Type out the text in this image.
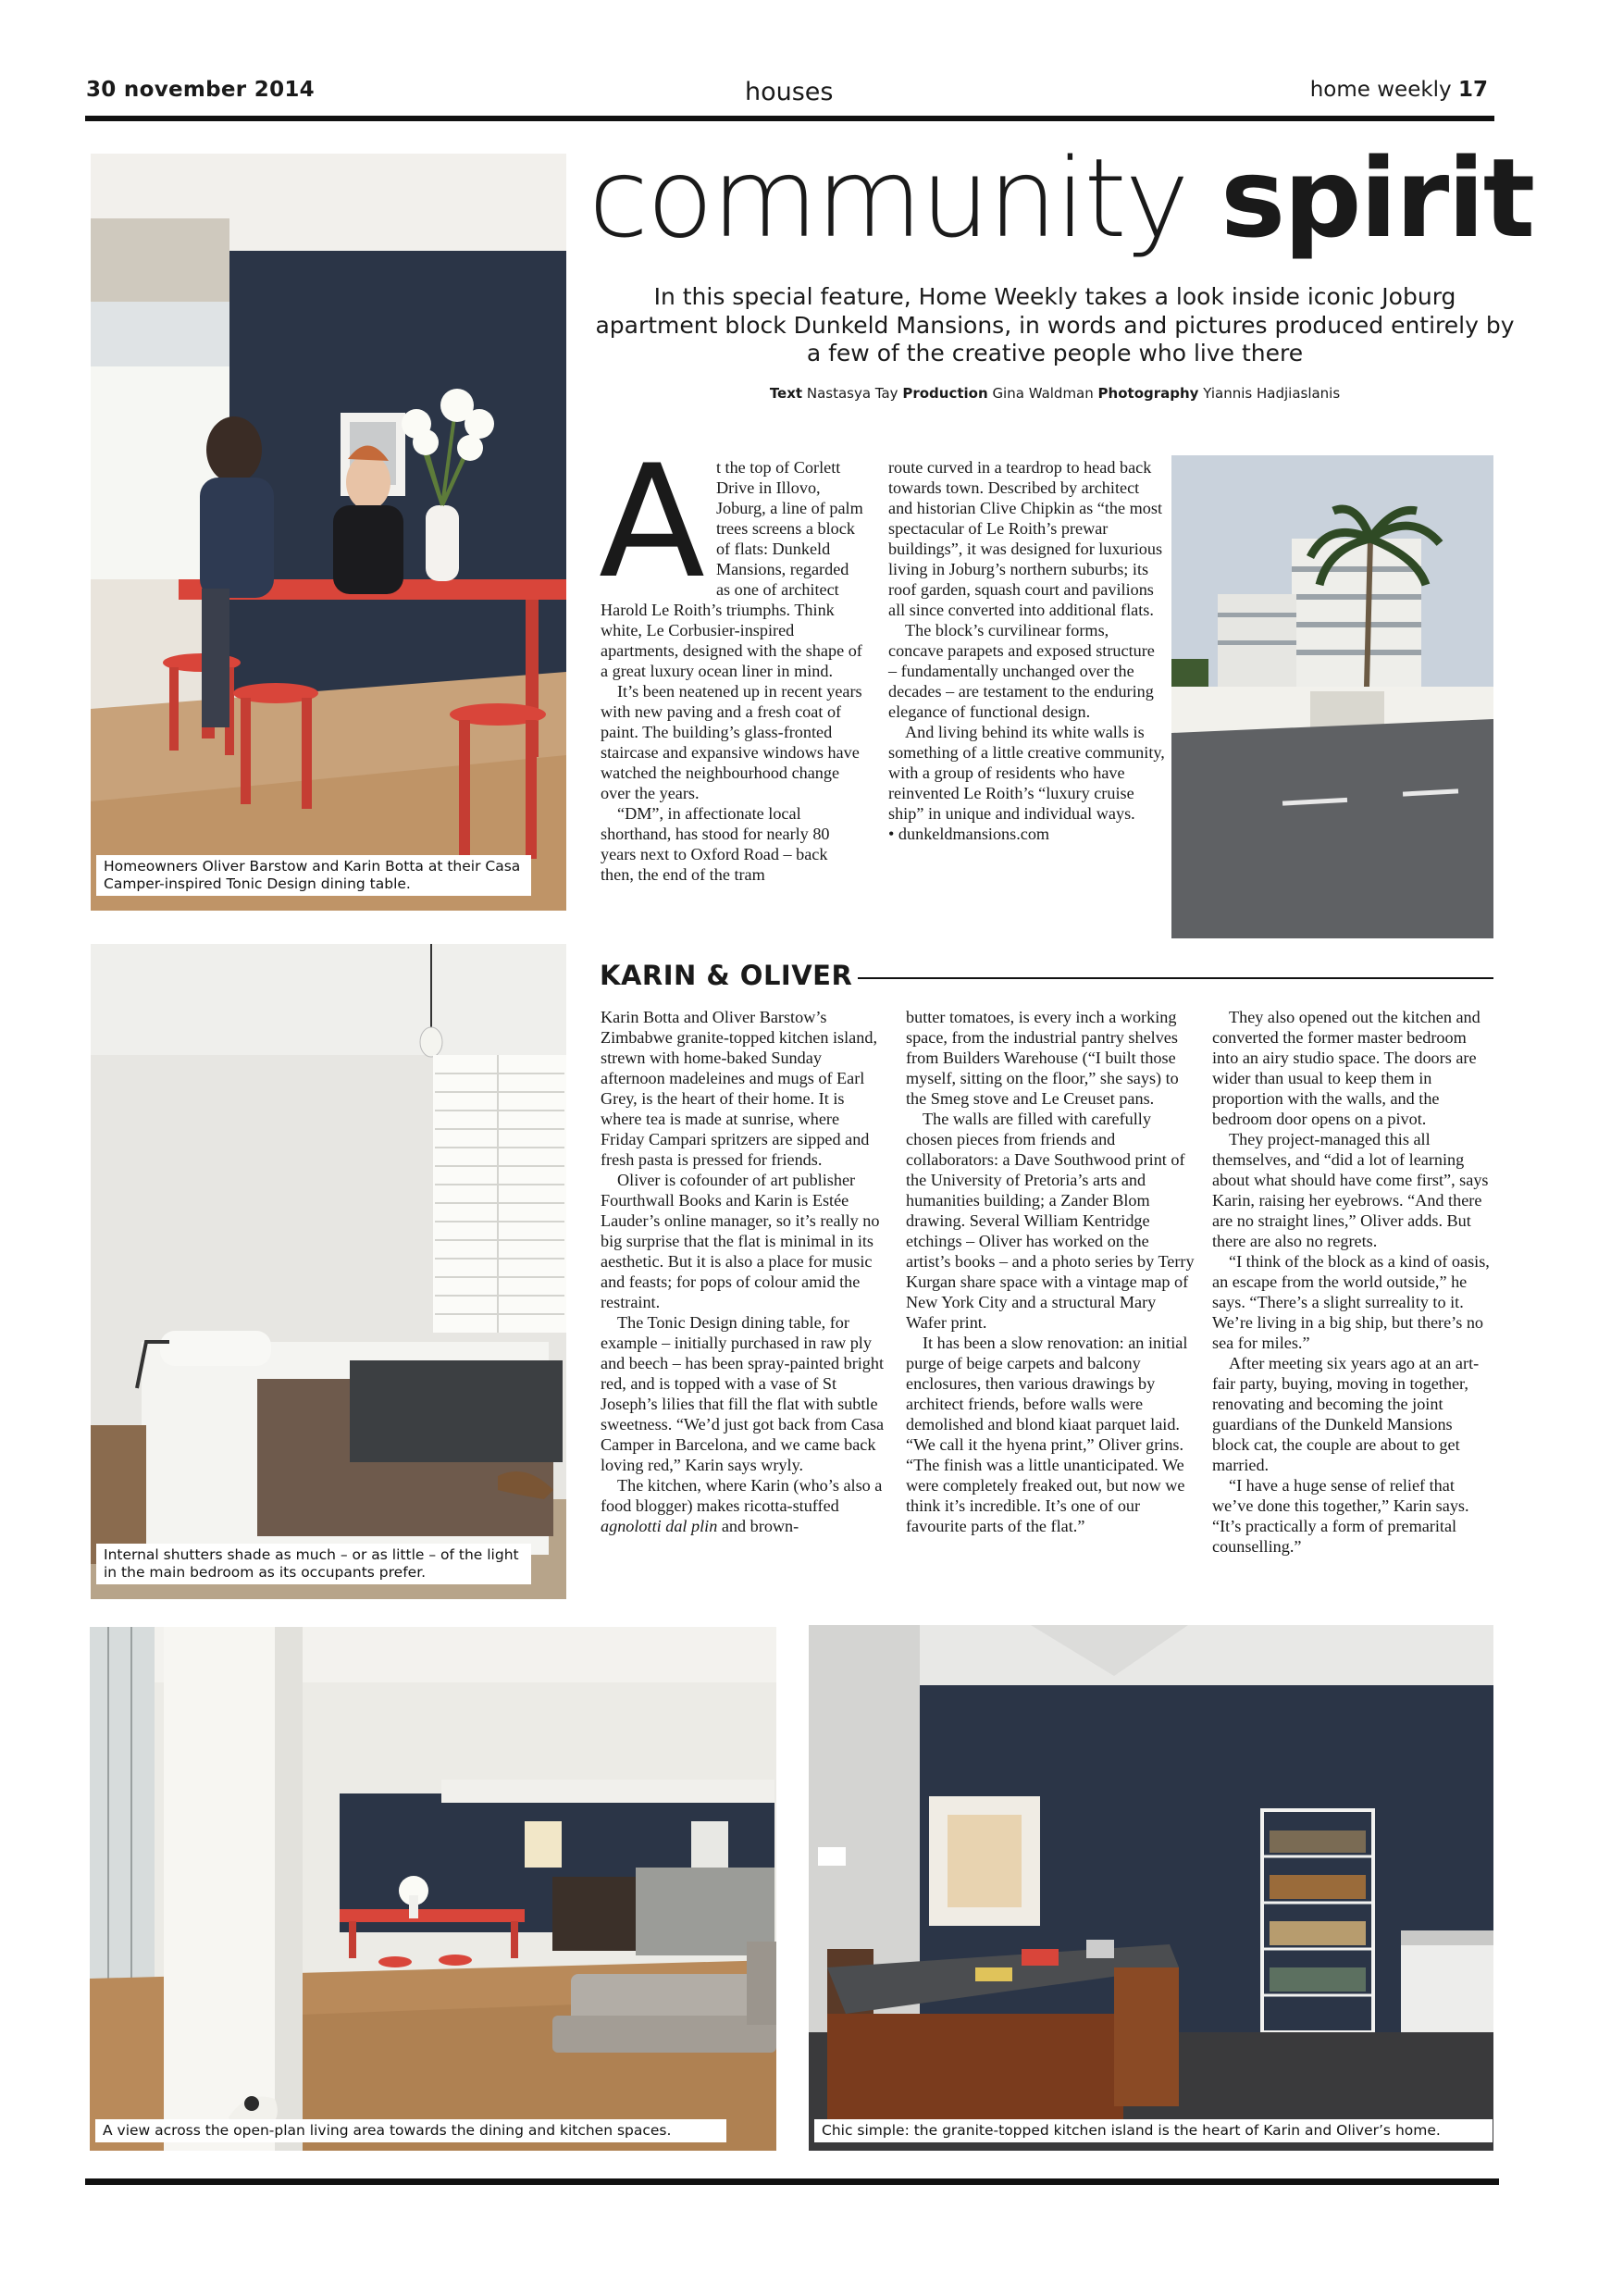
30 november 2014	houses	home weekly 17
Homeowners Oliver Barstow and Karin Botta at their Casa Camper-inspired Tonic Design dining table.
community spirit
In this special feature, Home Weekly takes a look inside iconic Joburg apartment block Dunkeld Mansions, in words and pictures produced entirely by a few of the creative people who live there
Text Nastasya Tay Production Gina Waldman Photography Yiannis Hadjiaslanis
A t the top of Corlett Drive in Illovo, Joburg, a line of palm trees screens a block of flats: Dunkeld Mansions, regarded as one of architect Harold Le Roith’s triumphs. Think white, Le Corbusier-inspired apartments, designed with the shape of a great luxury ocean liner in mind.

It’s been neatened up in recent years with new paving and a fresh coat of paint. The building’s glass-fronted staircase and expansive windows have watched the neighbourhood change over the years.

“DM”, in affectionate local shorthand, has stood for nearly 80 years next to Oxford Road – back then, the end of the tram

route curved in a teardrop to head back towards town. Described by architect and historian Clive Chipkin as “the most spectacular of Le Roith’s prewar buildings”, it was designed for luxurious living in Joburg’s northern suburbs; its roof garden, squash court and pavilions all since converted into additional flats.

The block’s curvilinear forms, concave parapets and exposed structure – fundamentally unchanged over the decades – are testament to the enduring elegance of functional design.

And living behind its white walls is something of a little creative community, with a group of residents who have reinvented Le Roith’s “luxury cruise ship” in unique and individual ways.

• dunkeldmansions.com

KARIN & OLIVER
Internal shutters shade as much – or as little – of the light in the main bedroom as its occupants prefer.

Karin Botta and Oliver Barstow’s Zimbabwe granite-topped kitchen island, strewn with home-baked Sunday afternoon madeleines and mugs of Earl Grey, is the heart of their home. It is where tea is made at sunrise, where Friday Campari spritzers are sipped and fresh pasta is pressed for friends.

Oliver is cofounder of art publisher Fourthwall Books and Karin is Estée Lauder’s online manager, so it’s really no big surprise that the flat is minimal in its aesthetic. But it is also a place for music and feasts; for pops of colour amid the restraint.

The Tonic Design dining table, for example – initially purchased in raw ply and beech – has been spray-painted bright red, and is topped with a vase of St Joseph’s lilies that fill the flat with subtle sweetness. “We’d just got back from Casa Camper in Barcelona, and we came back loving red,” Karin says wryly.

The kitchen, where Karin (who’s also a food blogger) makes ricotta-stuffed agnolotti dal plin and brown-

butter tomatoes, is every inch a working space, from the industrial pantry shelves from Builders Warehouse (“I built those myself, sitting on the floor,” she says) to the Smeg stove and Le Creuset pans.

The walls are filled with carefully chosen pieces from friends and collaborators: a Dave Southwood print of the University of Pretoria’s arts and humanities building; a Zander Blom drawing. Several William Kentridge etchings – Oliver has worked on the artist’s books – and a photo series by Terry Kurgan share space with a vintage map of New York City and a structural Mary Wafer print.

It has been a slow renovation: an initial purge of beige carpets and balcony enclosures, then various drawings by architect friends, before walls were demolished and blond kiaat parquet laid. “We call it the hyena print,” Oliver grins. “The finish was a little unanticipated. We were completely freaked out, but now we think it’s incredible. It’s one of our favourite parts of the flat.”

They also opened out the kitchen and converted the former master bedroom into an airy studio space. The doors are wider than usual to keep them in proportion with the walls, and the bedroom door opens on a pivot.

They project-managed this all themselves, and “did a lot of learning about what should have come first”, says Karin, raising her eyebrows. “And there are no straight lines,” Oliver adds. But there are also no regrets.

“I think of the block as a kind of oasis, an escape from the world outside,” he says. “There’s a slight surreality to it. We’re living in a big ship, but there’s no sea for miles.”

After meeting six years ago at an art-fair party, buying, moving in together, renovating and becoming the joint guardians of the Dunkeld Mansions block cat, the couple are about to get married.

“I have a huge sense of relief that we’ve done this together,” Karin says. “It’s practically a form of premarital counselling.”

A view across the open-plan living area towards the dining and kitchen spaces.	Chic simple: the granite-topped kitchen island is the heart of Karin and Oliver’s home.
